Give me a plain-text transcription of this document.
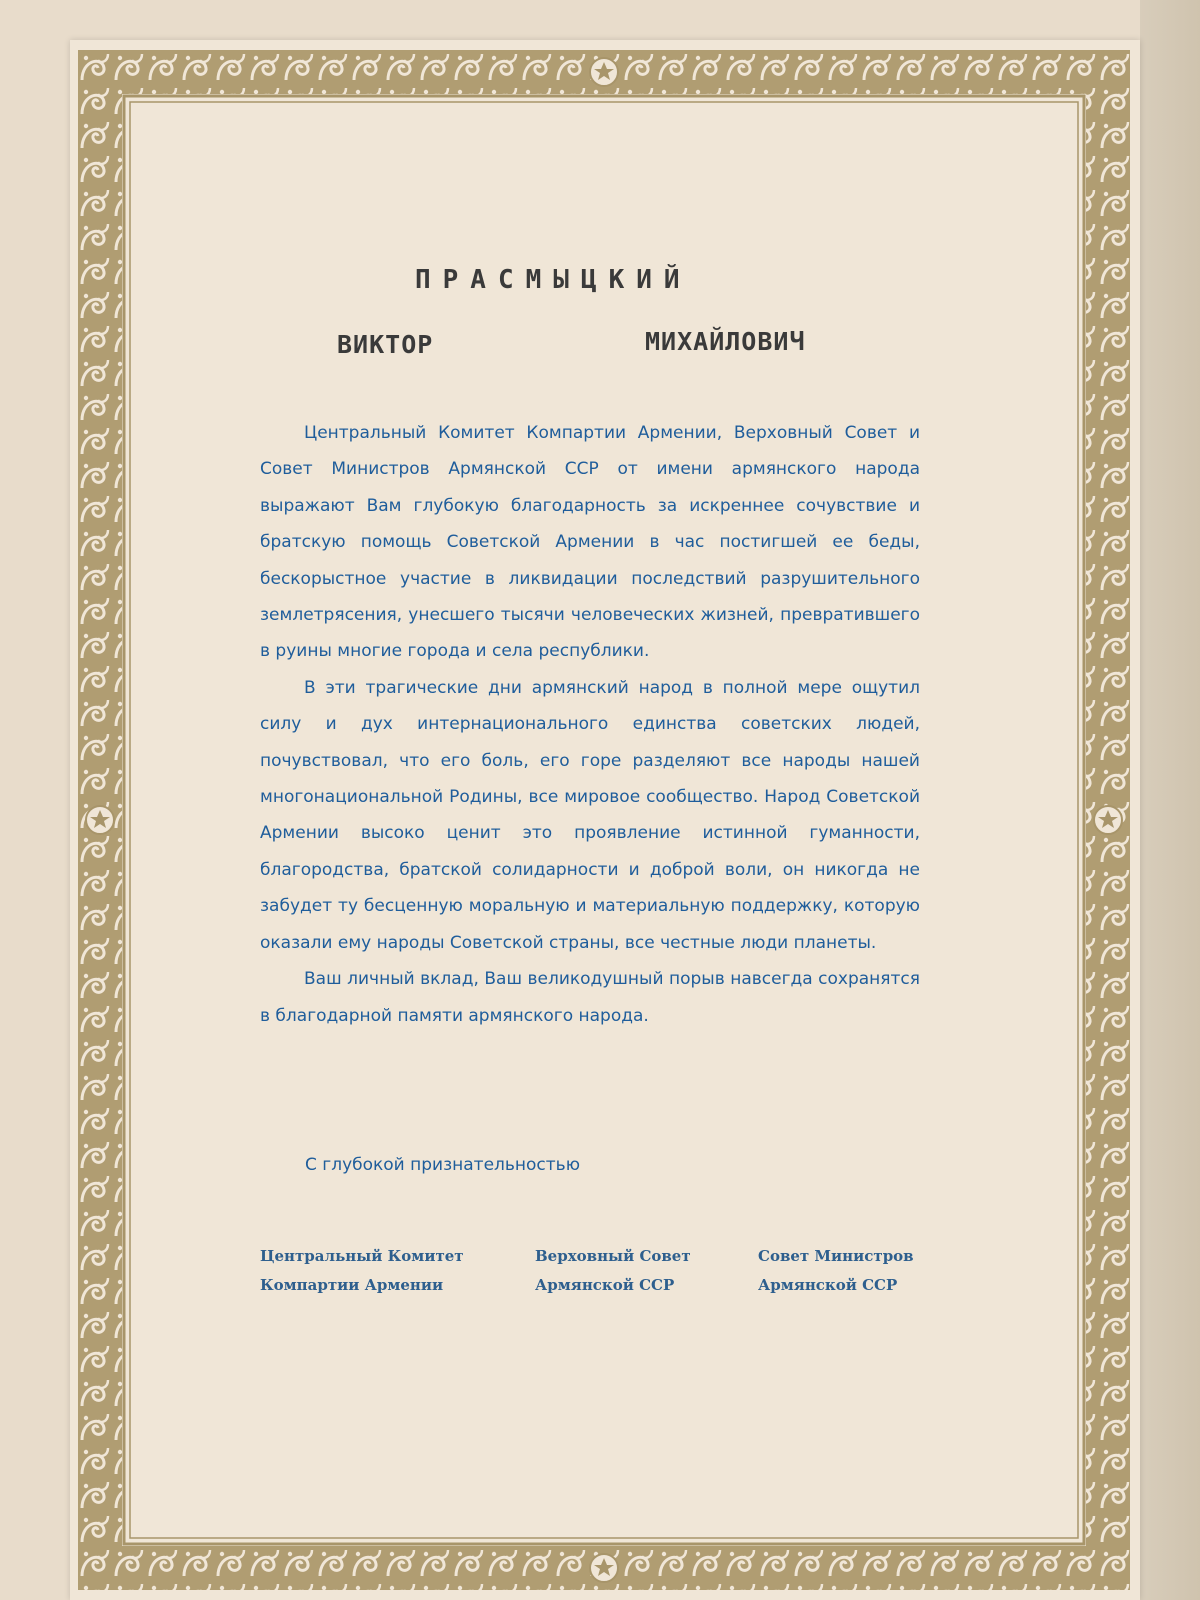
ПРАСМЫЦКИЙ
ВИКТОР	МИХАЙЛОВИЧ

Центральный Комитет Компартии Армении, Верховный Совет и Совет Министров Армянской ССР от имени армянского народа выражают Вам глубокую благодарность за искреннее сочувствие и братскую помощь Советской Армении в час постигшей ее беды, бескорыстное участие в ликвидации последствий разрушительного землетрясения, унесшего тысячи человеческих жизней, превратившего в руины многие города и села республики.

В эти трагические дни армянский народ в полной мере ощутил силу и дух интернационального единства советских людей, почувствовал, что его боль, его горе разделяют все народы нашей многонациональной Родины, все мировое сообщество. Народ Советской Армении высоко ценит это проявление истинной гуманности, благородства, братской солидарности и доброй воли, он никогда не забудет ту бесценную моральную и материальную поддержку, которую оказали ему народы Советской страны, все честные люди планеты.

Ваш личный вклад, Ваш великодушный порыв навсегда сохранятся в благодарной памяти армянского народа.

С глубокой признательностью
Центральный Комитет
Компартии Армении
Верховный Совет
Армянской ССР
Совет Министров
Армянской ССР
